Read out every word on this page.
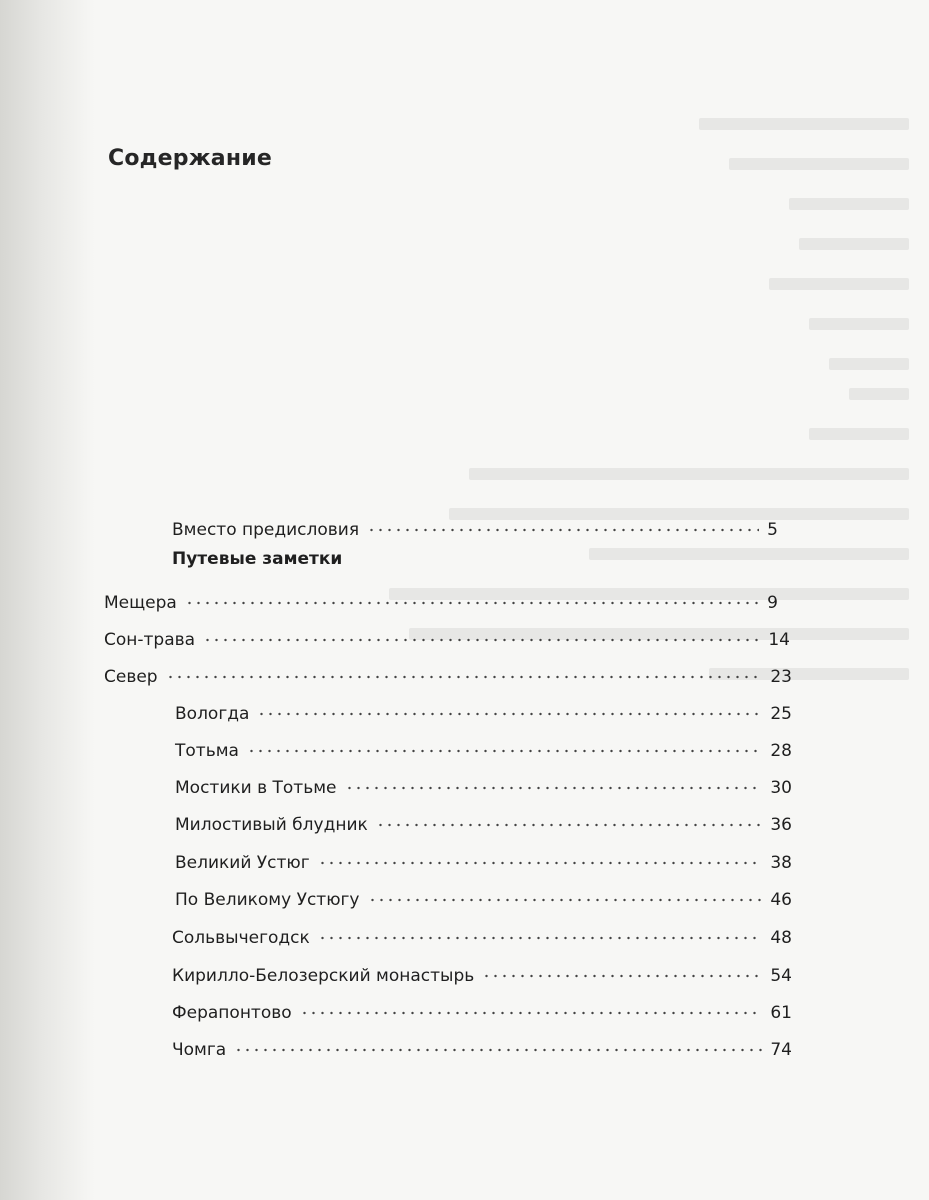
Содержание
Вместо предисловия	5
Путевые заметки
Мещера	9
Сон-трава	14
Север	23
Вологда	25
Тотьма	28
Мостики в Тотьме	30
Милостивый блудник	36
Великий Устюг	38
По Великому Устюгу	46
Сольвычегодск	48
Кирилло-Белозерский монастырь	54
Ферапонтово	61
Чомга	74
